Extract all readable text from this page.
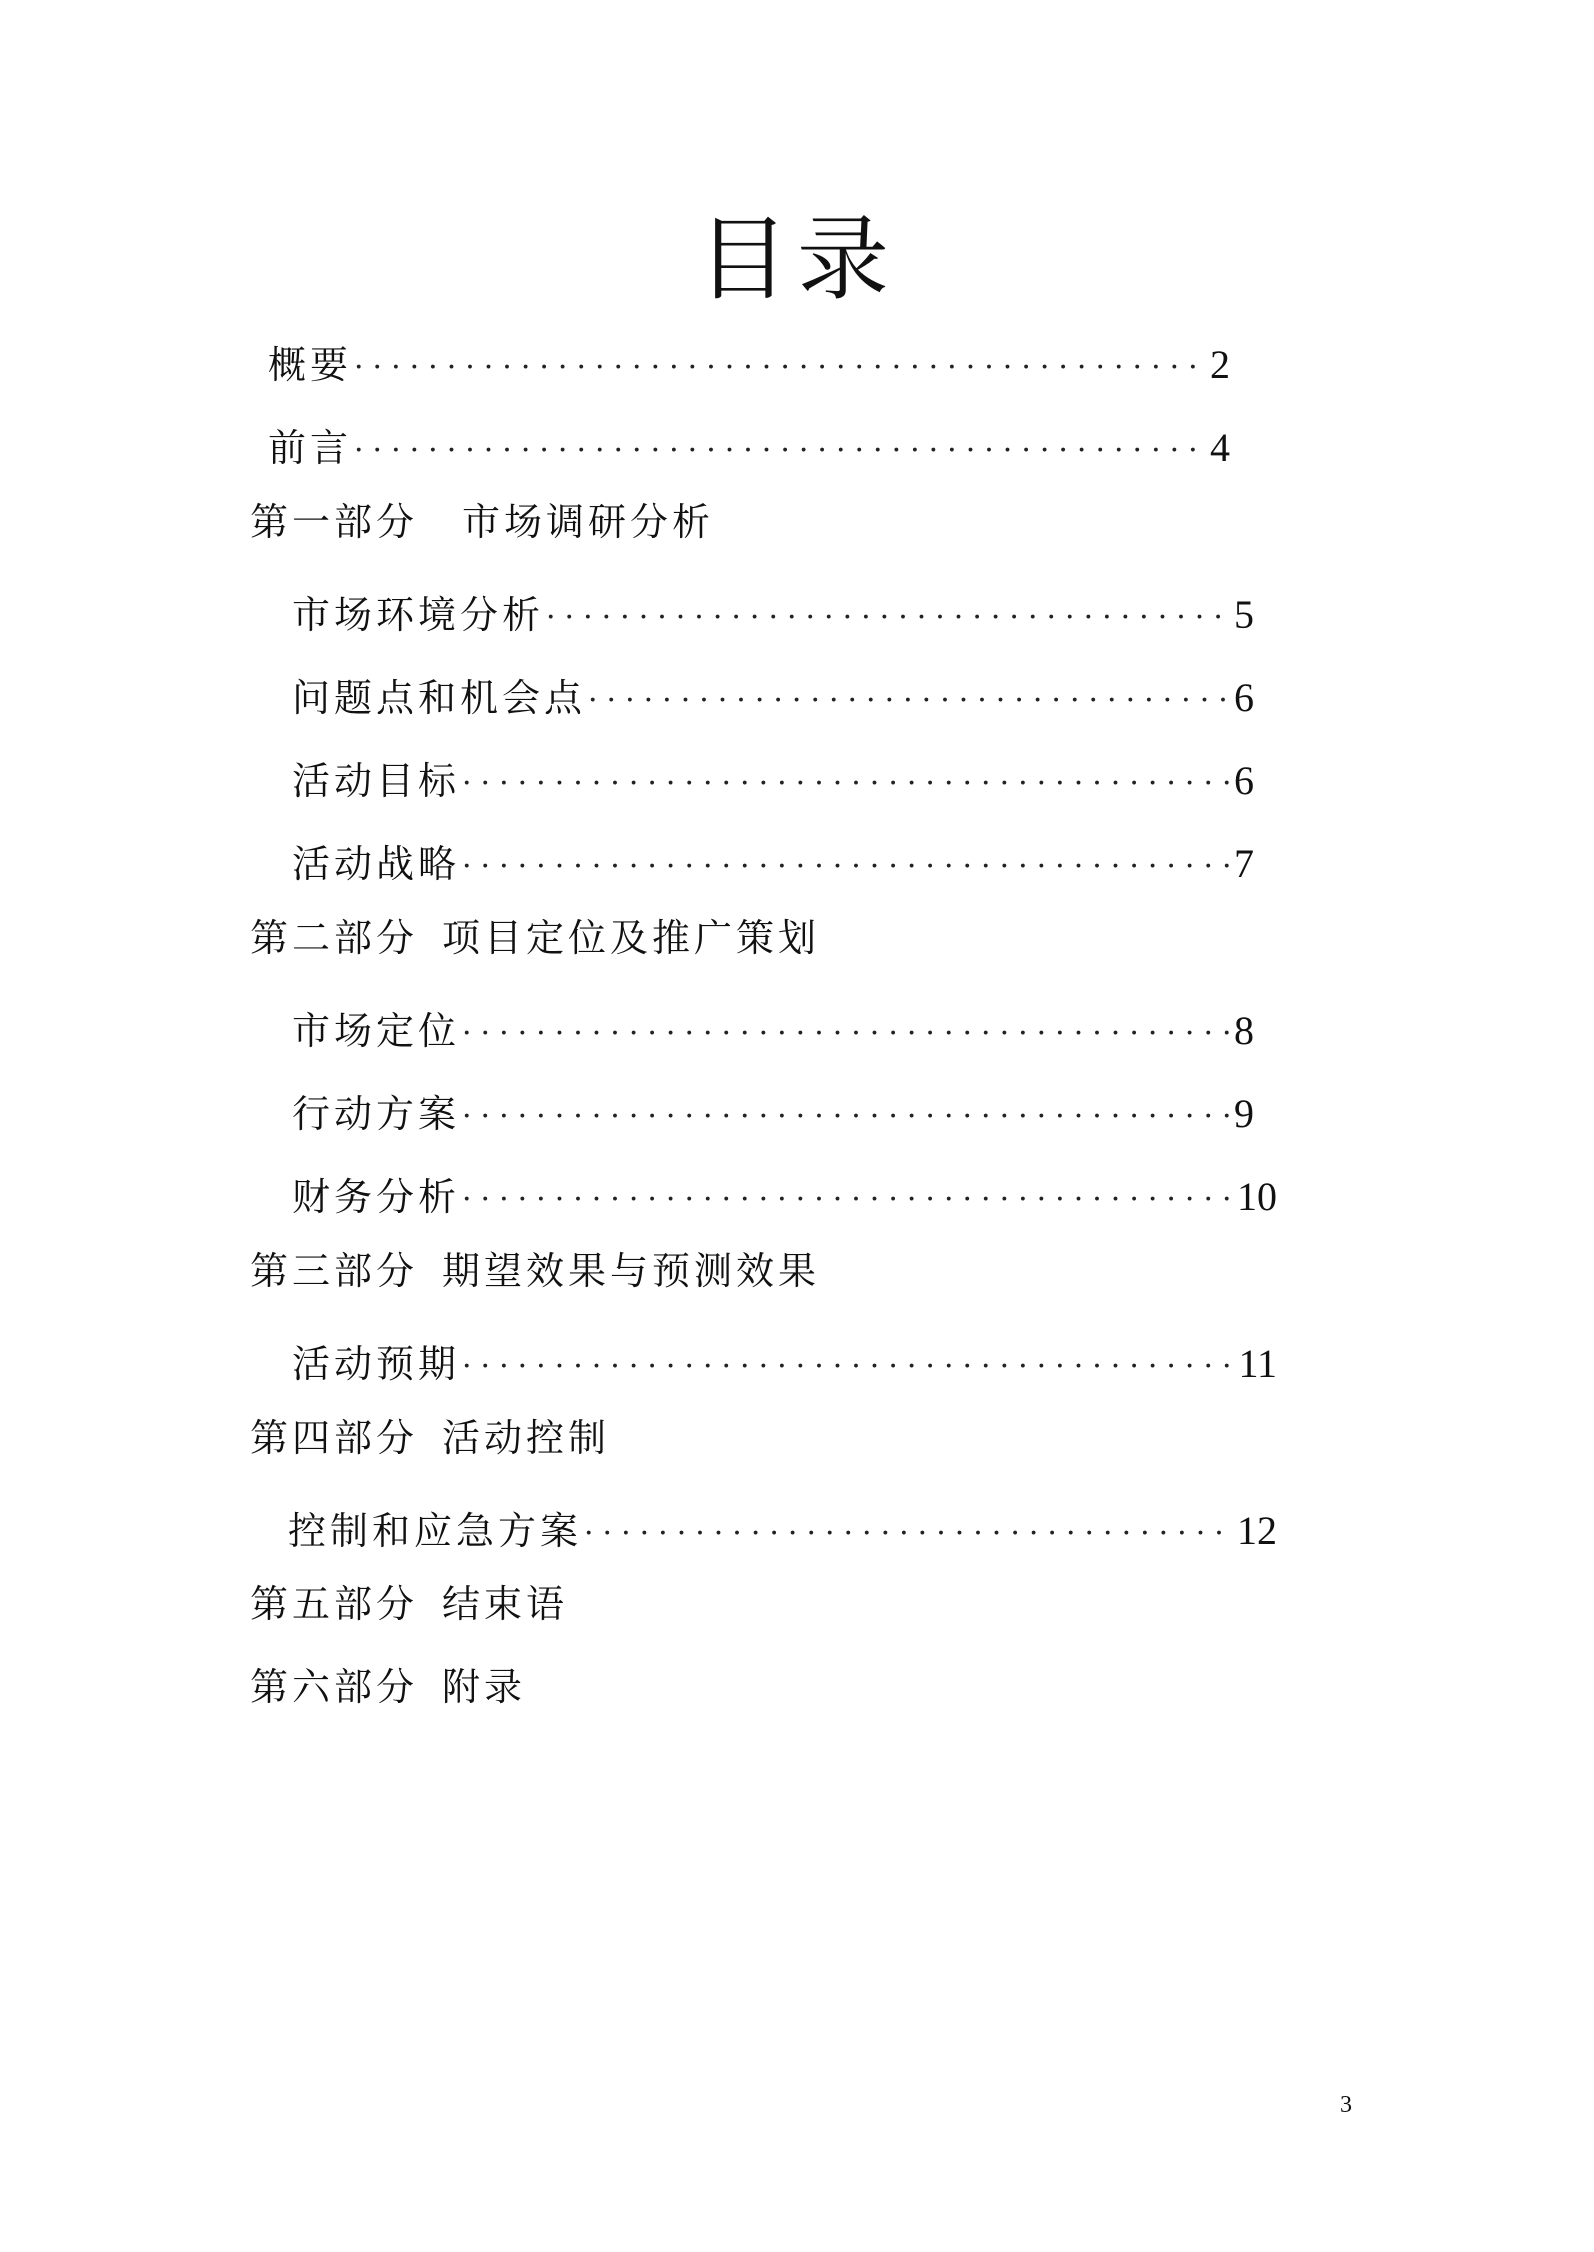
目录
概要 ·····	2
前言 ·····	4
第一部分 市场调研分析
市场环境分析 ·····	5
问题点和机会点 ·····	6
活动目标 ·····	6
活动战略 ·····	7
第二部分 项目定位及推广策划
市场定位 ·····	8
行动方案 ·····	9
财务分析 ·····	10
第三部分 期望效果与预测效果
活动预期 ·····	11
第四部分 活动控制
控制和应急方案 ·····	12
第五部分 结束语
第六部分 附录
3
